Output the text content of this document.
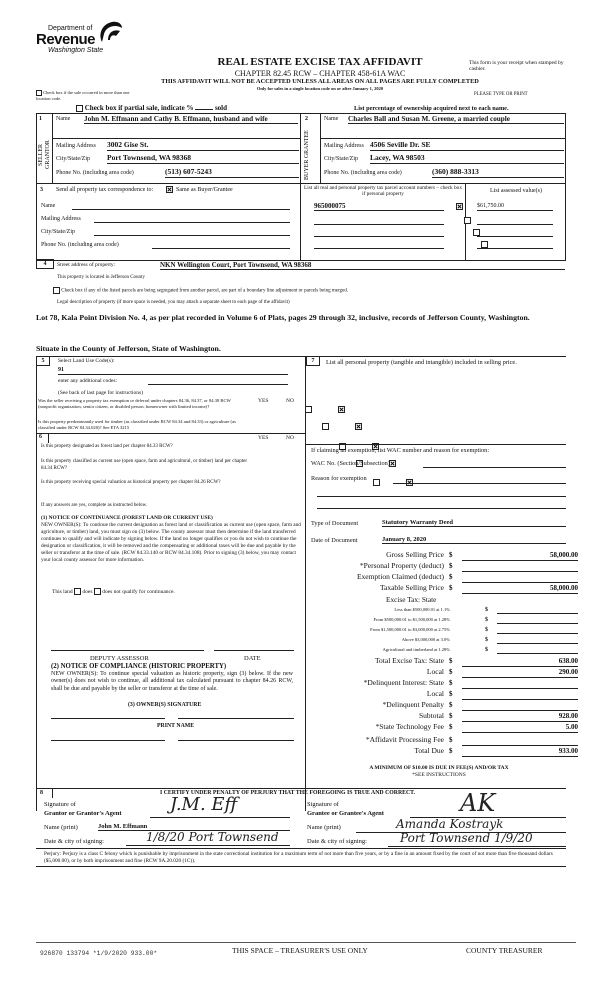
Department of
Revenue
Washington State
REAL ESTATE EXCISE TAX AFFIDAVIT
CHAPTER 82.45 RCW – CHAPTER 458-61A WAC
THIS AFFIDAVIT WILL NOT BE ACCEPTED UNLESS ALL AREAS ON ALL PAGES ARE FULLY COMPLETED
Only for sales in a single location code on or after January 1, 2020
This form is your receipt when stamped by cashier.
PLEASE TYPE OR PRINT
Check box if the sale occurred in more than one location code.
Check box if partial sale, indicate %	sold	List percentage of ownership acquired next to each name.
1
SELLER GRANTOR
Name John M. Effmann and Cathy B. Effmann, husband and wife
Mailing Address 3002 Gise St.
City/State/Zip Port Townsend, WA 98368
Phone No. (including area code)	(513) 607-5243
2
BUYER GRANTEE
Name Charles Ball and Susan M. Greene, a married couple
Mailing Address 4506 Seville Dr. SE
City/State/Zip Lacey, WA 98503
Phone No. (including area code)	(360) 888-3313
3 Send all property tax correspondence to:
	Same as Buyer/Grantee
Name
Mailing Address
City/State/Zip
Phone No. (including area code)
List all real and personal property tax parcel account numbers – check box if personal property
List assessed value(s)
965000075
	$61,750.00

4	Street address of property:	NKN Wellington Court, Port Townsend, WA 98368
This property is located in Jefferson County
Check box if any of the listed parcels are being segregated from another parcel, are part of a boundary line adjustment or parcels being merged.
Legal description of property (if more space is needed, you may attach a separate sheet to each page of the affidavit)
Lot 78, Kala Point Division No. 4, as per plat recorded in Volume 6 of Plats, pages 29 through 32, inclusive, records of Jefferson County, Washington.
Situate in the County of Jefferson, State of Washington.
5	Select Land Use Code(s):
91
enter any additional codes:
(See back of last page for instructions)
YES	NO
Was the seller receiving a property tax exemption or deferral under chapters 84.36, 84.37, or 84.38 RCW (nonprofit organization, senior citizen, or disabled person, homeowner with limited income)?

Is this property predominantly used for timber (as classified under RCW 84.34 and 84.33) or agriculture (as classified under RCW 84.34.020)? See ETA 3215

6	YES	NO
Is this property designated as forest land per chapter 84.33 RCW?

Is this property classified as current use (open space, farm and agricultural, or timber) land per chapter 84.34 RCW?

Is this property receiving special valuation as historical property per chapter 84.26 RCW?

If any answers are yes, complete as instructed below.
(1) NOTICE OF CONTINUANCE (FOREST LAND OR CURRENT USE)
NEW OWNER(S): To continue the current designation as forest land or classification as current use (open space, farm and agriculture, or timber) land, you must sign on (3) below. The county assessor must then determine if the land transferred continues to qualify and will indicate by signing below. If the land no longer qualifies or you do not wish to continue the designation or classification, it will be removed and the compensating or additional taxes will be due and payable by the seller or transferor at the time of sale. (RCW 84.33.140 or RCW 84.34.108). Prior to signing (3) below, you may contact your local county assessor for more information.
This land does does not qualify for continuance.
DEPUTY ASSESSOR	DATE
(2) NOTICE OF COMPLIANCE (HISTORIC PROPERTY)
NEW OWNER(S): To continue special valuation as historic property, sign (3) below. If the new owner(s) does not wish to continue, all additional tax calculated pursuant to chapter 84.26 RCW, shall be due and payable by the seller or transferor at the time of sale.
(3) OWNER(S) SIGNATURE
PRINT NAME
7	List all personal property (tangible and intangible) included in selling price.
If claiming an exemption, list WAC number and reason for exemption:
WAC No. (Section/Subsection)
Reason for exemption
Type of Document	Statutory Warranty Deed
Date of Document	January 8, 2020
Gross Selling Price $	58,000.00
*Personal Property (deduct) $
Exemption Claimed (deduct) $
Taxable Selling Price $	58,000.00
Excise Tax: State
Less than $500,000.01 at 1.1%	$
From $500,000.01 to $1,500,000 at 1.28%	$
From $1,500,000.01 to $3,000,000 at 2.75%	$
Above $3,000,000 at 3.0%	$
Agricultural and timberland at 1.28%	$
Total Excise Tax: State $	638.00
Local $	290.00
*Delinquent Interest: State $
Local $
*Delinquent Penalty $
Subtotal $	928.00
*State Technology Fee $	5.00
*Affidavit Processing Fee $
Total Due $	933.00
A MINIMUM OF $10.00 IS DUE IN FEE(S) AND/OR TAX
*SEE INSTRUCTIONS
8	I CERTIFY UNDER PENALTY OF PERJURY THAT THE FOREGOING IS TRUE AND CORRECT.
Signature of
Grantor or Grantor's Agent	J.M. Eff
Name (print)	John M. Effmann
Date & city of signing:	1/8/20 Port Townsend
Signature of
Grantee or Grantee's Agent	AK
Name (print)	Amanda Kostrayk
Date & city of signing:	Port Townsend 1/9/20
Perjury: Perjury is a class C felony which is punishable by imprisonment in the state correctional institution for a maximum term of not more than five years, or by a fine in an amount fixed by the court of not more than five thousand dollars ($5,000.00), or by both imprisonment and fine (RCW 9A.20.020 (1C)).
926870 133794 *1/9/2020 933.00*	THIS SPACE – TREASURER'S USE ONLY	COUNTY TREASURER
